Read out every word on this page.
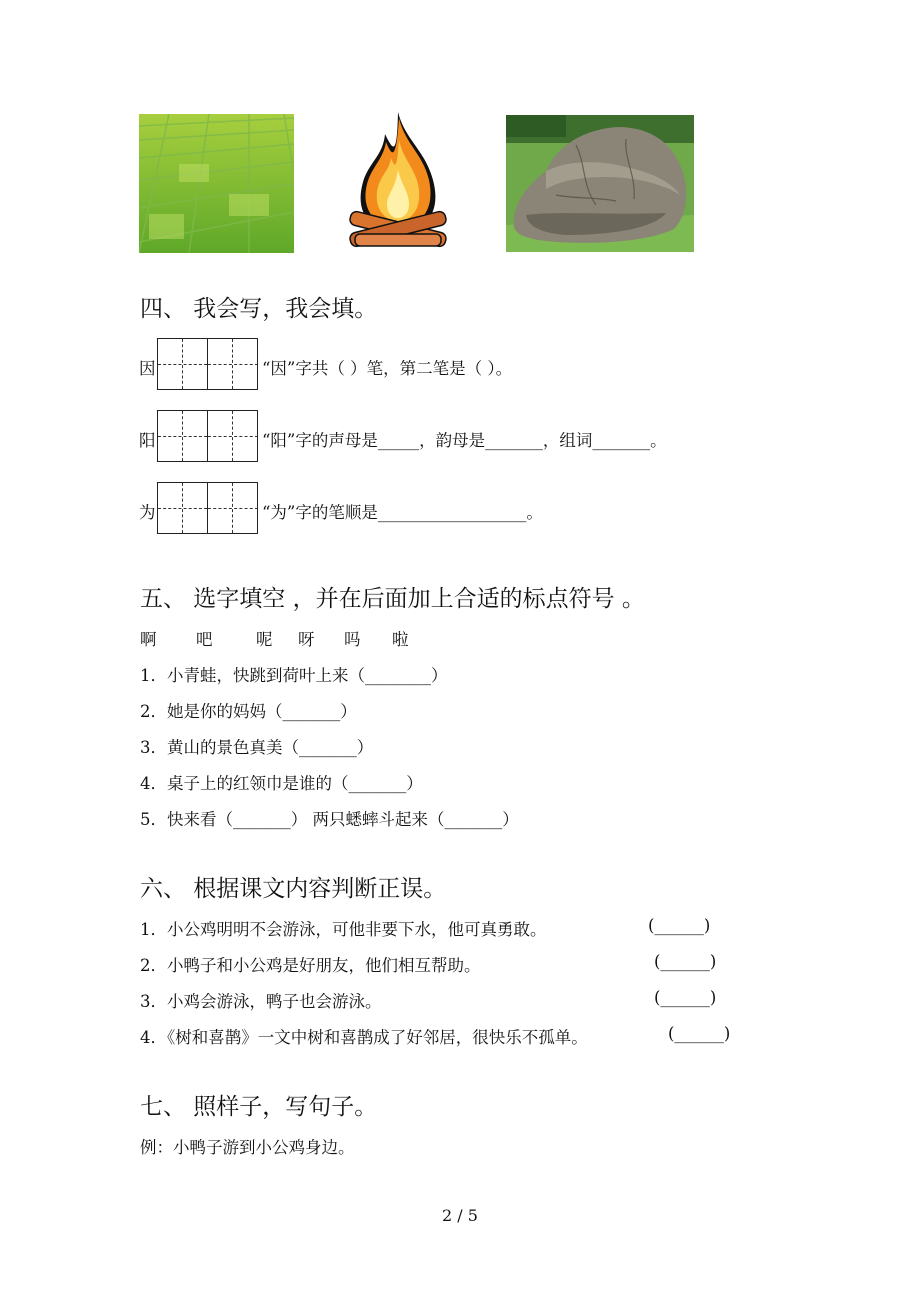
四、 我会写，我会填。
因	“因”字共（ ）笔，第二笔是（ ）。
阳	“阳”字的声母是_____，韵母是_______，组词_______。
为	“为”字的笔顺是__________________。
五、 选字填空 ，并在后面加上合适的标点符号 。
啊 吧	呢 呀 吗 啦
1．小青蛙，快跳到荷叶上来（________）
2．她是你的妈妈（_______）
3．黄山的景色真美（_______）
4．桌子上的红领巾是谁的（_______）
5．快来看（_______） 两只蟋蟀斗起来（_______）
六、 根据课文内容判断正误。
1．小公鸡明明不会游泳，可他非要下水，他可真勇敢。	(______)
2．小鸭子和小公鸡是好朋友，他们相互帮助。	(______)
3．小鸡会游泳，鸭子也会游泳。	(______)
4．《树和喜鹊》一文中树和喜鹊成了好邻居，很快乐不孤单。	(______)
七、 照样子，写句子。
例：小鸭子游到小公鸡身边。
2 / 5
